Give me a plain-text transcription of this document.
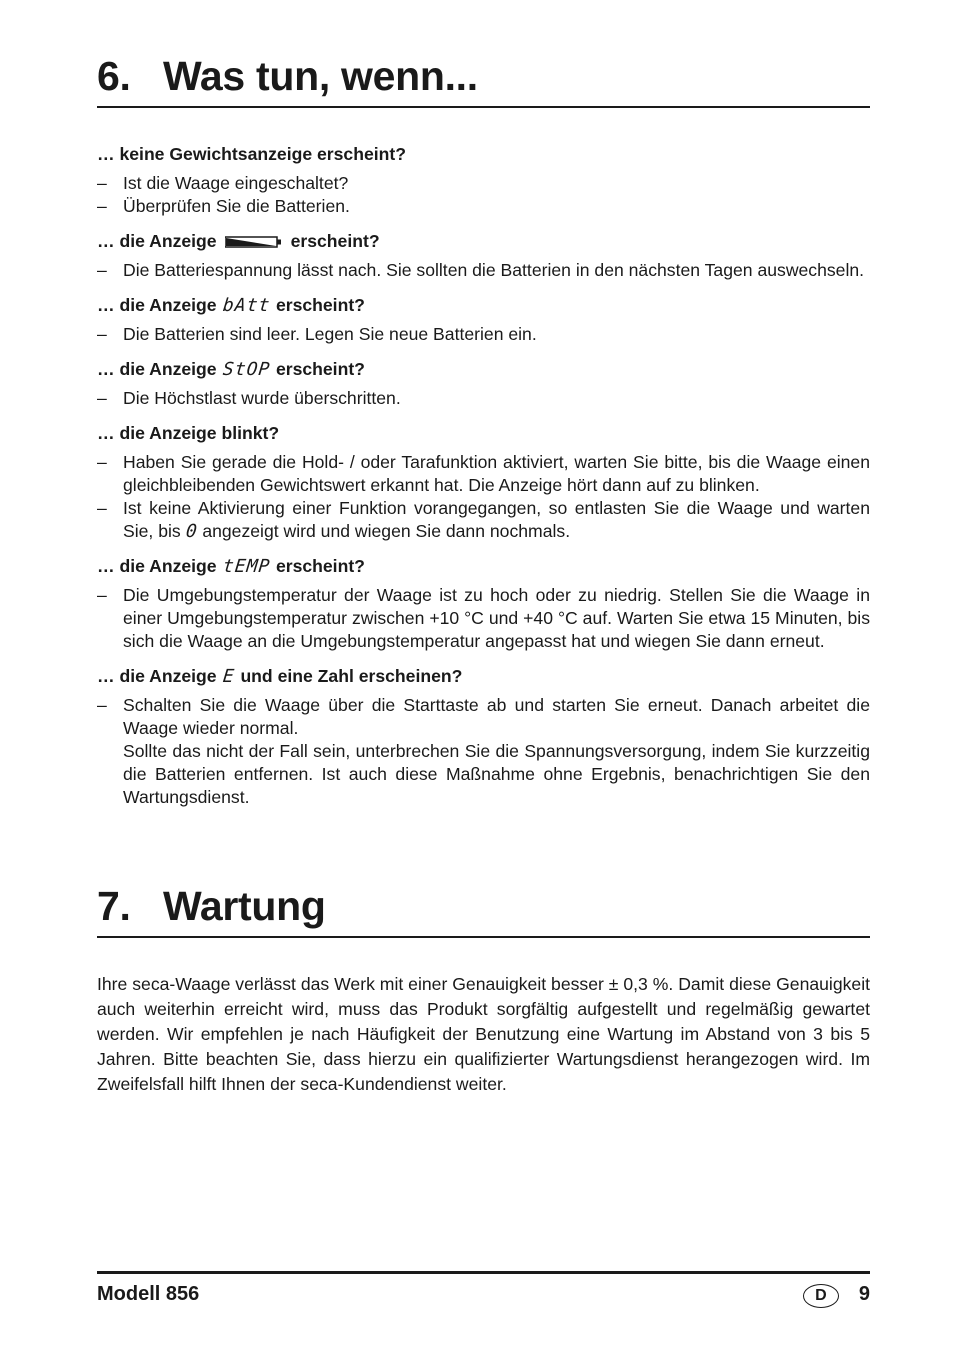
6. Was tun, wenn...
… keine Gewichtsanzeige erscheint?
– Ist die Waage eingeschaltet?
– Überprüfen Sie die Batterien.
… die Anzeige	erscheint?
– Die Batteriespannung lässt nach. Sie sollten die Batterien in den nächsten Tagen auswechseln.
… die Anzeige bAtt erscheint?
– Die Batterien sind leer. Legen Sie neue Batterien ein.
… die Anzeige StOP erscheint?
– Die Höchstlast wurde überschritten.
… die Anzeige blinkt?
– Haben Sie gerade die Hold- / oder Tarafunktion aktiviert, warten Sie bitte, bis die Waage einen gleichbleibenden Gewichtswert erkannt hat. Die Anzeige hört dann auf zu blinken.
– Ist keine Aktivierung einer Funktion vorangegangen, so entlasten Sie die Waage und warten Sie, bis 0 angezeigt wird und wiegen Sie dann nochmals.
… die Anzeige tEMP erscheint?
– Die Umgebungstemperatur der Waage ist zu hoch oder zu niedrig. Stellen Sie die Waage in einer Umgebungstemperatur zwischen +10 °C und +40 °C auf. Warten Sie etwa 15 Minuten, bis sich die Waage an die Umgebungstemperatur angepasst hat und wiegen Sie dann erneut.
… die Anzeige E und eine Zahl erscheinen?
– Schalten Sie die Waage über die Starttaste ab und starten Sie erneut. Danach arbeitet die Waage wieder normal.

Sollte das nicht der Fall sein, unterbrechen Sie die Spannungsversorgung, indem Sie kurzzeitig die Batterien entfernen. Ist auch diese Maßnahme ohne Ergebnis, benachrichtigen Sie den Wartungsdienst.

7. Wartung

Ihre seca-Waage verlässt das Werk mit einer Genauigkeit besser ± 0,3 %. Damit diese Genauigkeit auch weiterhin erreicht wird, muss das Produkt sorgfältig aufgestellt und regelmäßig gewartet werden. Wir empfehlen je nach Häufigkeit der Benutzung eine Wartung im Abstand von 3 bis 5 Jahren. Bitte beachten Sie, dass hierzu ein qualifizierter Wartungsdienst herangezogen wird. Im Zweifelsfall hilft Ihnen der seca-Kundendienst weiter.

Modell 856	D	9
